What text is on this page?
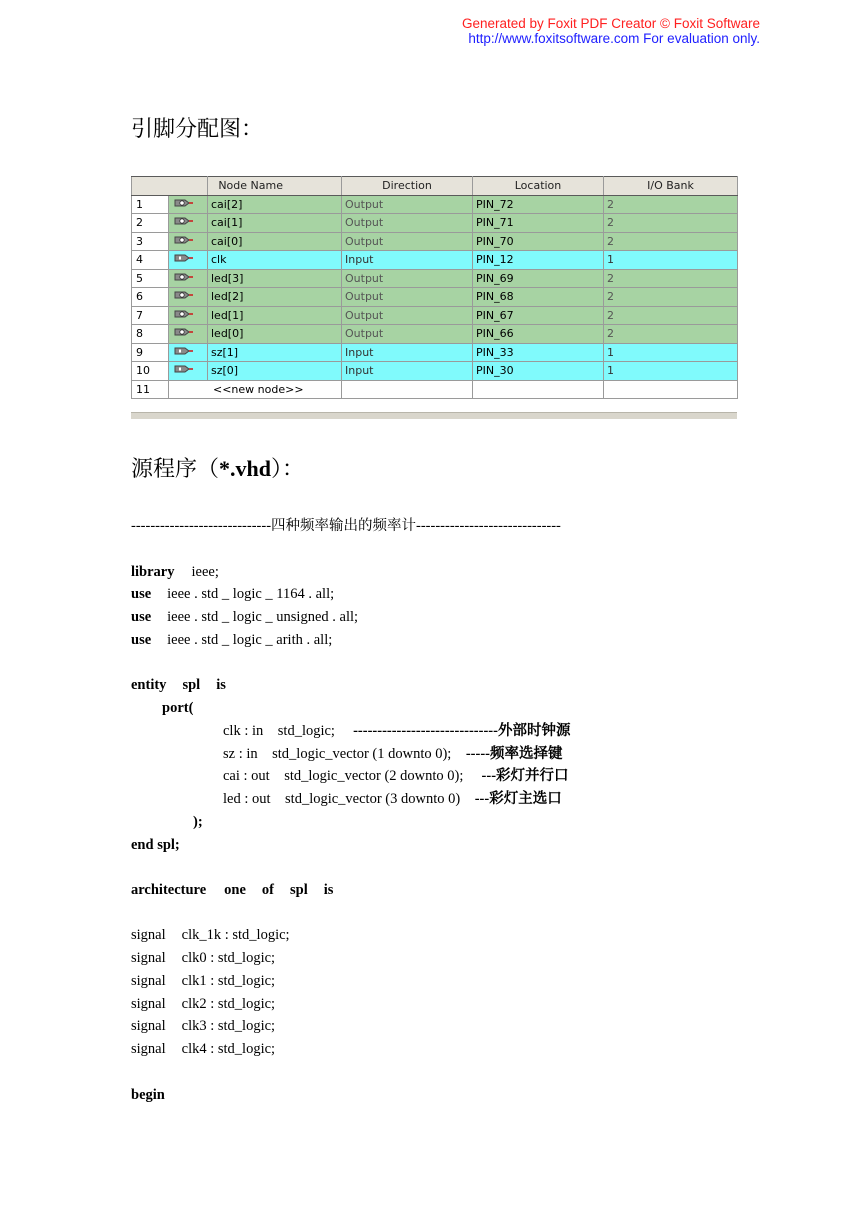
Generated by Foxit PDF Creator © Foxit Software
http://www.foxitsoftware.com For evaluation only.
引脚分配图：
		Node Name	Direction	Location	I/O Bank
1		cai[2]	Output	PIN_72	2
2		cai[1]	Output	PIN_71	2
3		cai[0]	Output	PIN_70	2
4		clk	Input	PIN_12	1
5		led[3]	Output	PIN_69	2
6		led[2]	Output	PIN_68	2
7		led[1]	Output	PIN_67	2
8		led[0]	Output	PIN_66	2
9		sz[1]	Input	PIN_33	1
10		sz[0]	Input	PIN_30	1
11	<<new node>>				
源程序（*.vhd）：
-----------------------------四种频率输出的频率计------------------------------
library ieee;
use ieee . std _ logic _ 1164 . all;
use ieee . std _ logic _ unsigned . all;
use ieee . std _ logic _ arith . all;
entity spl is
port(
clk : in    std_logic;     ------------------------------外部时钟源
sz : in    std_logic_vector (1 downto 0);    -----频率选择键
cai : out    std_logic_vector (2 downto 0);     ---彩灯并行口
led : out    std_logic_vector (3 downto 0)    ---彩灯主选口
);
end spl;
architecture one of spl is
signal clk_1k : std_logic;
signal clk0 : std_logic;
signal clk1 : std_logic;
signal clk2 : std_logic;
signal clk3 : std_logic;
signal clk4 : std_logic;
begin
